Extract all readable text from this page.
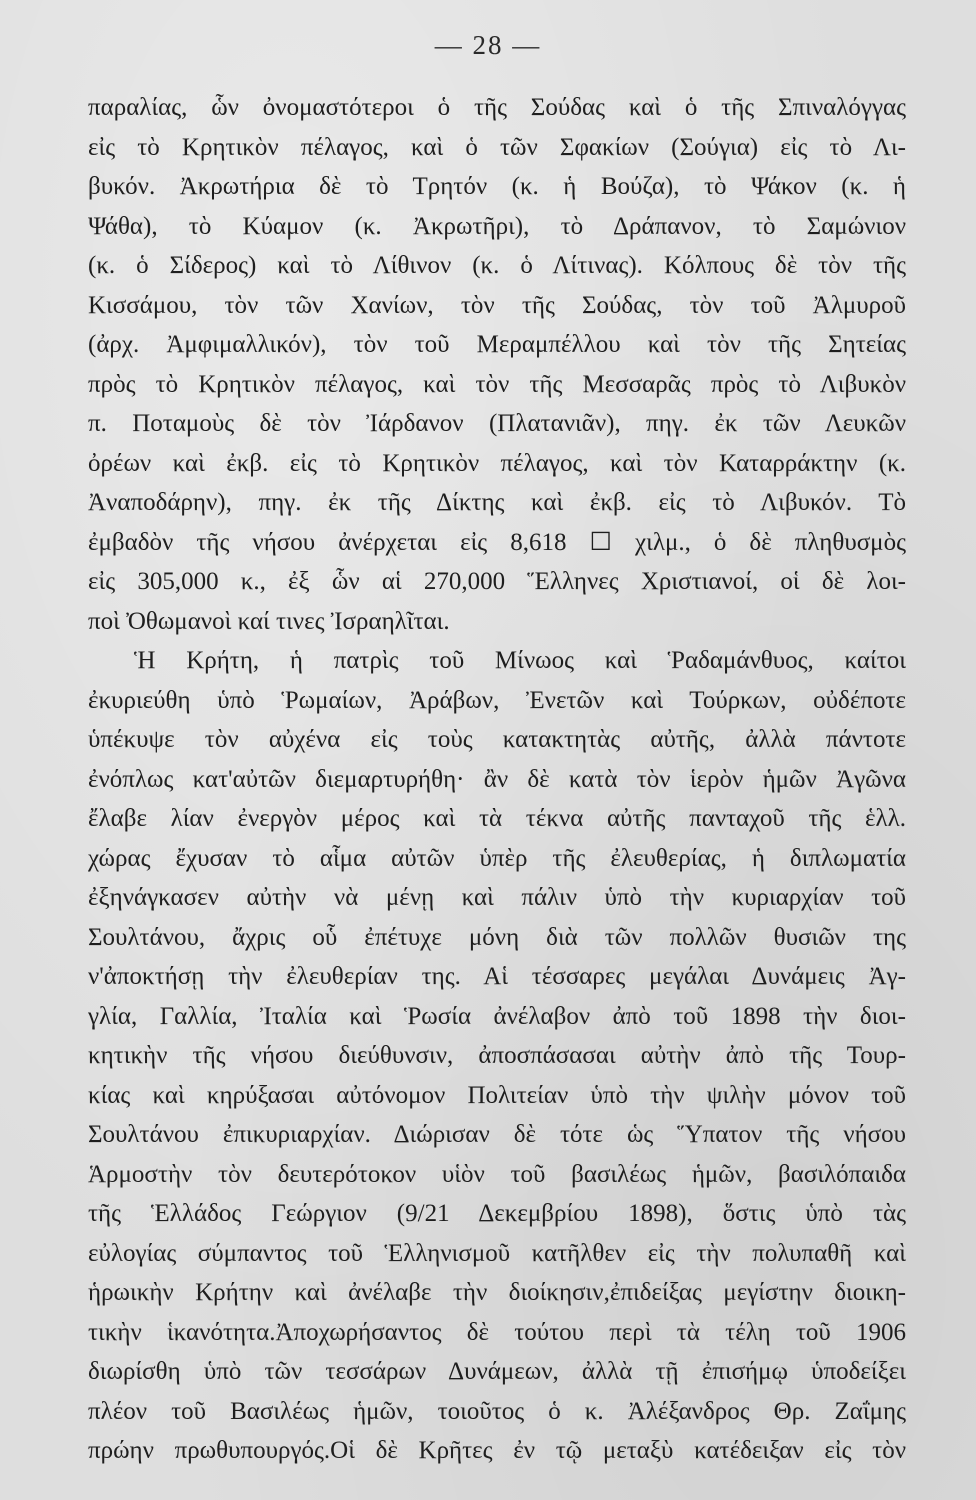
— 28 —
παραλίας, ὧν ὀνομαστότεροι ὁ τῆς Σούδας καὶ ὁ τῆς Σπιναλόγγας
εἰς τὸ Κρητικὸν πέλαγος, καὶ ὁ τῶν Σφακίων (Σούγια) εἰς τὸ Λι-
βυκόν. Ἀκρωτήρια δὲ τὸ Τρητόν (κ. ἡ Βούζα), τὸ Ψάκον (κ. ἡ
Ψάθα), τὸ Κύαμον (κ. Ἀκρωτῆρι), τὸ Δράπανον, τὸ Σαμώνιον
(κ. ὁ Σίδερος) καὶ τὸ Λίθινον (κ. ὁ Λίτινας). Κόλπους δὲ τὸν τῆς
Κισσάμου, τὸν τῶν Χανίων, τὸν τῆς Σούδας, τὸν τοῦ Ἀλμυροῦ
(ἀρχ. Ἀμφιμαλλικόν), τὸν τοῦ Μεραμπέλλου καὶ τὸν τῆς Σητείας
πρὸς τὸ Κρητικὸν πέλαγος, καὶ τὸν τῆς Μεσσαρᾶς πρὸς τὸ Λιβυκὸν
π. Ποταμοὺς δὲ τὸν Ἰάρδανον (Πλατανιᾶν), πηγ. ἐκ τῶν Λευκῶν
ὀρέων καὶ ἐκβ. εἰς τὸ Κρητικὸν πέλαγος, καὶ τὸν Καταρράκτην (κ.
Ἀναποδάρην), πηγ. ἐκ τῆς Δίκτης καὶ ἐκβ. εἰς τὸ Λιβυκόν. Τὸ
ἐμβαδὸν τῆς νήσου ἀνέρχεται εἰς 8,618 ☐ χιλμ., ὁ δὲ πληθυσμὸς
εἰς 305,000 κ., ἐξ ὧν αἱ 270,000 Ἕλληνες Χριστιανοί, οἱ δὲ λοι-
ποὶ Ὀθωμανοὶ καί τινες Ἰσραηλῖται.
Ἡ Κρήτη, ἡ πατρὶς τοῦ Μίνωος καὶ Ῥαδαμάνθυος, καίτοι
ἐκυριεύθη ὑπὸ Ῥωμαίων, Ἀράβων, Ἐνετῶν καὶ Τούρκων, οὐδέποτε
ὑπέκυψε τὸν αὐχένα εἰς τοὺς κατακτητὰς αὐτῆς, ἀλλὰ πάντοτε
ἐνόπλως κατ'αὐτῶν διεμαρτυρήθη· ἂν δὲ κατὰ τὸν ἱερὸν ἡμῶν Ἀγῶνα
ἔλαβε λίαν ἐνεργὸν μέρος καὶ τὰ τέκνα αὐτῆς πανταχοῦ τῆς ἑλλ.
χώρας ἔχυσαν τὸ αἷμα αὐτῶν ὑπὲρ τῆς ἐλευθερίας, ἡ διπλωματία
ἐξηνάγκασεν αὐτὴν νὰ μένῃ καὶ πάλιν ὑπὸ τὴν κυριαρχίαν τοῦ
Σουλτάνου, ἄχρις οὗ ἐπέτυχε μόνη διὰ τῶν πολλῶν θυσιῶν της
ν'ἀποκτήσῃ τὴν ἐλευθερίαν της. Αἱ τέσσαρες μεγάλαι Δυνάμεις Ἀγ-
γλία, Γαλλία, Ἰταλία καὶ Ῥωσία ἀνέλαβον ἀπὸ τοῦ 1898 τὴν διοι-
κητικὴν τῆς νήσου διεύθυνσιν, ἀποσπάσασαι αὐτὴν ἀπὸ τῆς Τουρ-
κίας καὶ κηρύξασαι αὐτόνομον Πολιτείαν ὑπὸ τὴν ψιλὴν μόνον τοῦ
Σουλτάνου ἐπικυριαρχίαν. Διώρισαν δὲ τότε ὡς Ὕπατον τῆς νήσου
Ἁρμοστὴν τὸν δευτερότοκον υἱὸν τοῦ βασιλέως ἡμῶν, βασιλόπαιδα
τῆς Ἑλλάδος Γεώργιον (9/21 Δεκεμβρίου 1898), ὅστις ὑπὸ τὰς
εὐλογίας σύμπαντος τοῦ Ἑλληνισμοῦ κατῆλθεν εἰς τὴν πολυπαθῆ καὶ
ἡρωικὴν Κρήτην καὶ ἀνέλαβε τὴν διοίκησιν,ἐπιδείξας μεγίστην διοικη-
τικὴν ἱκανότητα.Ἀποχωρήσαντος δὲ τούτου περὶ τὰ τέλη τοῦ 1906
διωρίσθη ὑπὸ τῶν τεσσάρων Δυνάμεων, ἀλλὰ τῇ ἐπισήμῳ ὑποδείξει
πλέον τοῦ Βασιλέως ἡμῶν, τοιοῦτος ὁ κ. Ἀλέξανδρος Θρ. Ζαΐμης
πρώην πρωθυπουργός.Οἱ δὲ Κρῆτες ἐν τῷ μεταξὺ κατέδειξαν εἰς τὸν
